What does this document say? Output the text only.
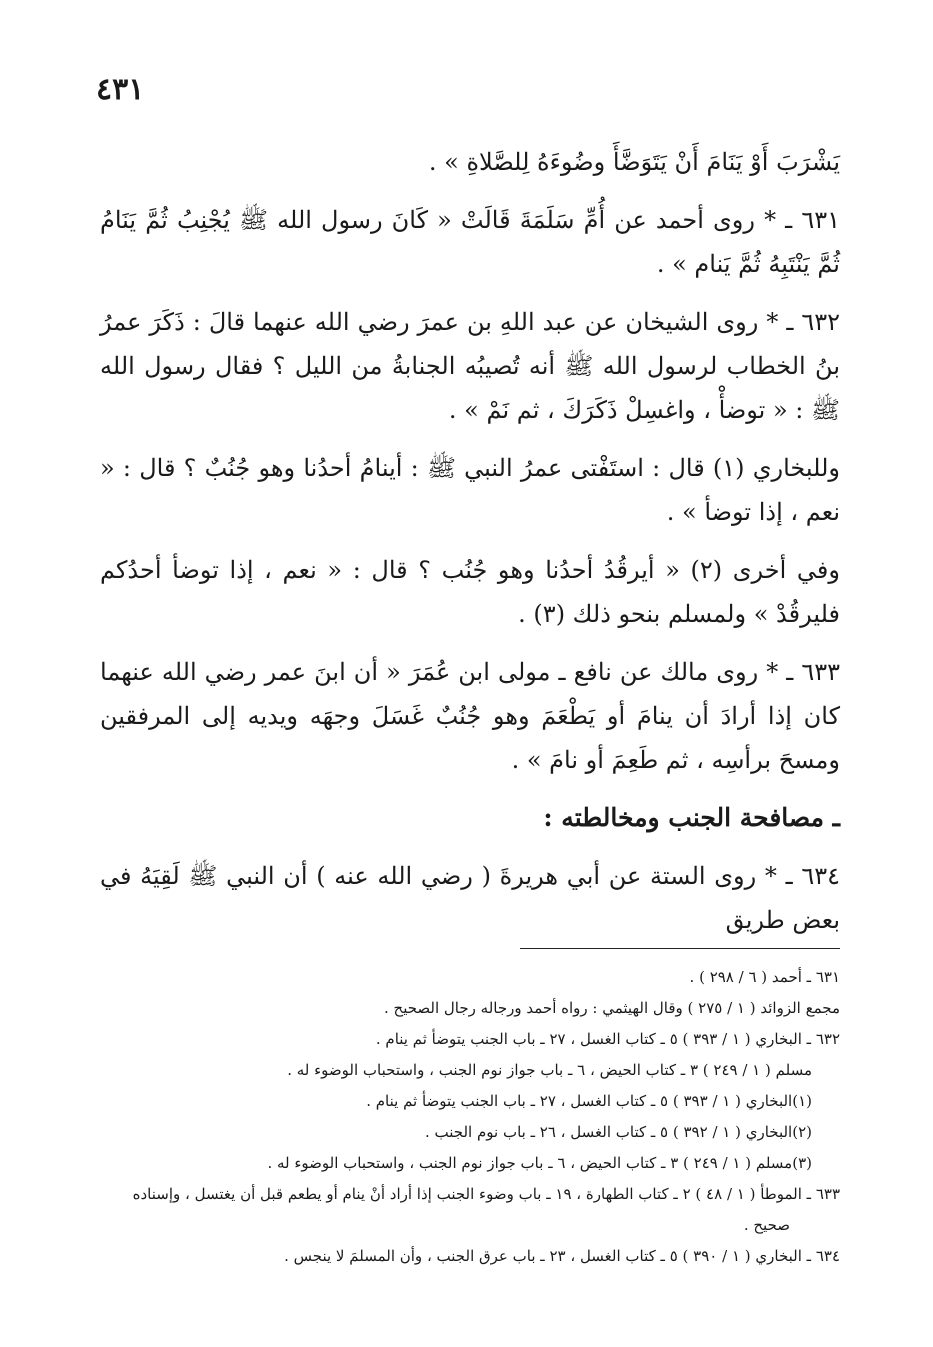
٤٣١

يَشْرَبَ أَوْ يَنَامَ أَنْ يَتَوَضَّأَ وضُوءَهُ لِلصَّلاةِ » .

٦٣١ ـ * روى أحمد عن أُمِّ سَلَمَةَ قَالَتْ « كَانَ رسول الله ﷺ يُجْنِبُ ثُمَّ يَنَامُ ثُمَّ يَنْتَبِهُ ثُمَّ يَنام » .

٦٣٢ ـ * روى الشيخان عن عبد اللهِ بن عمرَ رضي الله عنهما قالَ : ذَكَرَ عمرُ بنُ الخطاب لرسول الله ﷺ أنه تُصيبُه الجنابةُ من الليل ؟ فقال رسول الله ﷺ : « توضأْ ، واغسِلْ ذَكَرَكَ ، ثم نَمْ » .

وللبخاري (١) قال : استَفْتى عمرُ النبي ﷺ : أينامُ أحدُنا وهو جُنُبٌ ؟ قال : « نعم ، إذا توضأ » .

وفي أخرى (٢) « أيرقُدُ أحدُنا وهو جُنُب ؟ قال : « نعم ، إذا توضأ أحدُكم فليرقُدْ » ولمسلم بنحو ذلك (٣) .

٦٣٣ ـ * روى مالك عن نافع ـ مولى ابن عُمَرَ « أن ابنَ عمر رضي الله عنهما كان إذا أرادَ أن ينامَ أو يَطْعَمَ وهو جُنُبٌ غَسَلَ وجهَه ويديه إلى المرفقين ومسحَ برأسِه ، ثم طَعِمَ أو نامَ » .

ـ مصافحة الجنب ومخالطته :

٦٣٤ ـ * روى الستة عن أبي هريرةَ ( رضي الله عنه ) أن النبي ﷺ لَقِيَهُ في بعض طريق

٦٣١ ـ أحمد ( ٦ / ٢٩٨ ) .

مجمع الزوائد ( ١ / ٢٧٥ ) وقال الهيثمي : رواه أحمد ورجاله رجال الصحيح .

٦٣٢ ـ البخاري ( ١ / ٣٩٣ ) ٥ ـ كتاب الغسل ، ٢٧ ـ باب الجنب يتوضأ ثم ينام .

مسلم ( ١ / ٢٤٩ ) ٣ ـ كتاب الحيض ، ٦ ـ باب جواز نوم الجنب ، واستحباب الوضوء له .

(١)البخاري ( ١ / ٣٩٣ ) ٥ ـ كتاب الغسل ، ٢٧ ـ باب الجنب يتوضأ ثم ينام .

(٢)البخاري ( ١ / ٣٩٢ ) ٥ ـ كتاب الغسل ، ٢٦ ـ باب نوم الجنب .

(٣)مسلم ( ١ / ٢٤٩ ) ٣ ـ كتاب الحيض ، ٦ ـ باب جواز نوم الجنب ، واستحباب الوضوء له .

٦٣٣ ـ الموطأ ( ١ / ٤٨ ) ٢ ـ كتاب الطهارة ، ١٩ ـ باب وضوء الجنب إذا أراد أنْ ينام أو يطعم قبل أن يغتسل ، وإسناده

صحيح .

٦٣٤ ـ البخاري ( ١ / ٣٩٠ ) ٥ ـ كتاب الغسل ، ٢٣ ـ باب عرق الجنب ، وأن المسلمَ لا ينجس .
